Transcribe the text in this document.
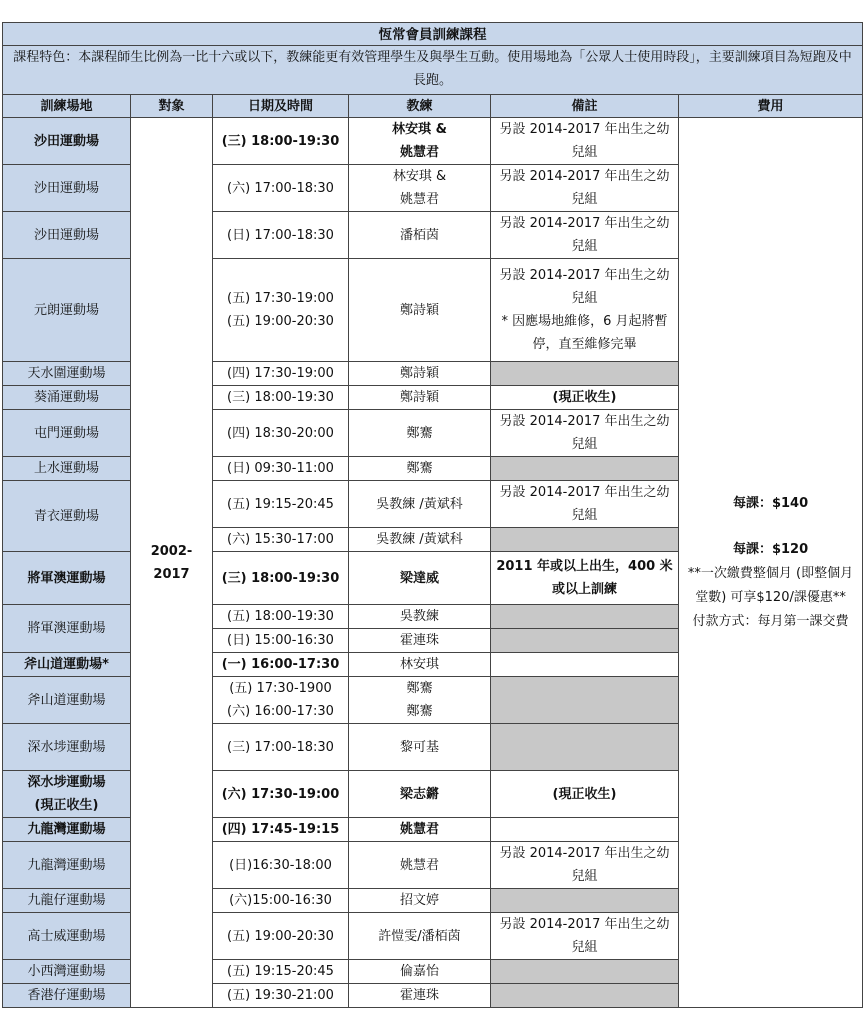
恆常會員訓練課程					
課程特色：本課程師生比例為一比十六或以下，教練能更有效管理學生及與學生互動。使用場地為「公眾人士使用時段」，主要訓練項目為短跑及中長跑。					
訓練場地	對象	日期及時間	教練	備註	費用
沙田運動場	2002-2017	(三) 18:00-19:30	林安琪 &
姚慧君	另設 2014-2017 年出生之幼兒組	每課：$140
每課：$120
**一次繳費整個月 (即整個月堂數) 可享$120/課優惠**
付款方式：每月第一課交費

沙田運動場		(六) 17:00-18:30	林安琪 &
姚慧君	另設 2014-2017 年出生之幼兒組	
沙田運動場		(日) 17:00-18:30	潘栢茵	另設 2014-2017 年出生之幼兒組	
元朗運動場		(五) 17:30-19:00
(五) 19:00-20:30	鄭詩穎	另設 2014-2017 年出生之幼兒組
* 因應場地維修，6 月起將暫停，直至維修完畢	
天水圍運動場		(四) 17:30-19:00	鄭詩穎		
葵涌運動場		(三) 18:00-19:30	鄭詩穎	(現正收生)	
屯門運動場		(四) 18:30-20:00	鄭騫	另設 2014-2017 年出生之幼兒組	
上水運動場		(日) 09:30-11:00	鄭騫		
青衣運動場		(五) 19:15-20:45	吳教練 /黃斌科	另設 2014-2017 年出生之幼兒組	
		(六) 15:30-17:00	吳教練 /黃斌科		
將軍澳運動場		(三) 18:00-19:30	梁達威	2011 年或以上出生，400 米或以上訓練	
將軍澳運動場		(五) 18:00-19:30	吳教練		
		(日) 15:00-16:30	霍連珠		
斧山道運動場*		(一) 16:00-17:30	林安琪		
斧山道運動場		(五) 17:30-1900
(六) 16:00-17:30	鄭騫
鄭騫		
深水埗運動場		(三) 17:00-18:30	黎可基		
深水埗運動場
(現正收生)		(六) 17:30-19:00	梁志鏘	(現正收生)	
九龍灣運動場		(四) 17:45-19:15	姚慧君		
九龍灣運動場		(日)16:30-18:00	姚慧君	另設 2014-2017 年出生之幼兒組	
九龍仔運動場		(六)15:00-16:30	招文婷		
高士威運動場		(五) 19:00-20:30	許愷雯/潘栢茵	另設 2014-2017 年出生之幼兒組	
小西灣運動場		(五) 19:15-20:45	倫嘉怡		
香港仔運動場		(五) 19:30-21:00	霍連珠		
